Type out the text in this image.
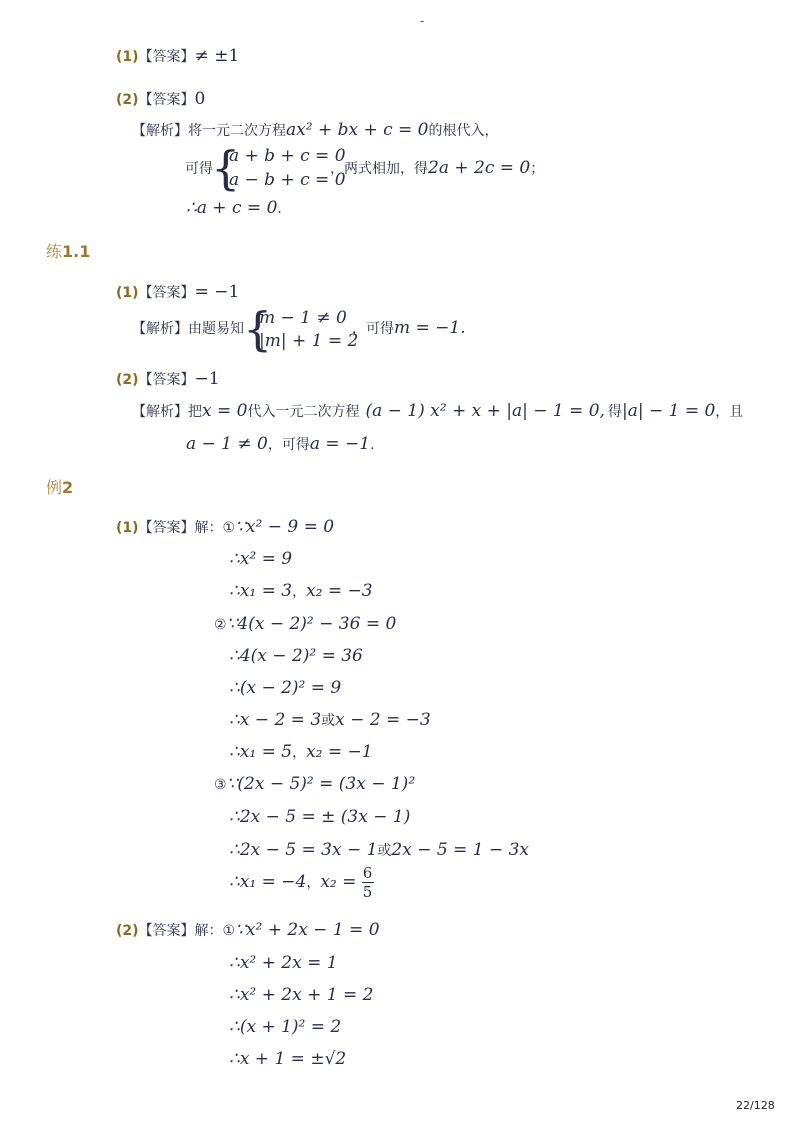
-
(1)【答案】≠ ±1
(2)【答案】0
【解析】将一元二次方程ax² + bx + c = 0的根代入，
可得
{
a + b + c = 0
a − b + c = 0
，两式相加，得2a + 2c = 0；
∴a + c = 0.
练1.1
(1)【答案】= −1
【解析】由题易知 {
m − 1 ≠ 0
|m| + 1 = 2
，可得m = −1.
(2)【答案】−1
【解析】把x = 0代入一元二次方程 (a − 1) x² + x + |a| − 1 = 0, 得|a| − 1 = 0，且
a − 1 ≠ 0，可得a = −1.
例2
(1)【答案】解：①∵x² − 9 = 0
∴x² = 9
∴x₁ = 3，x₂ = −3
②∵4(x − 2)² − 36 = 0
∴4(x − 2)² = 36
∴(x − 2)² = 9
∴x − 2 = 3或x − 2 = −3
∴x₁ = 5，x₂ = −1
③∵(2x − 5)² = (3x − 1)²
∴2x − 5 = ± (3x − 1)
∴2x − 5 = 3x − 1或2x − 5 = 1 − 3x
∴x₁ = −4，$x_2 = \frac{6}{5}$
(2)【答案】解：①∵x² + 2x − 1 = 0
∴x² + 2x = 1
∴x² + 2x + 1 = 2
∴(x + 1)² = 2
∴x + 1 = ±√2
22/128
